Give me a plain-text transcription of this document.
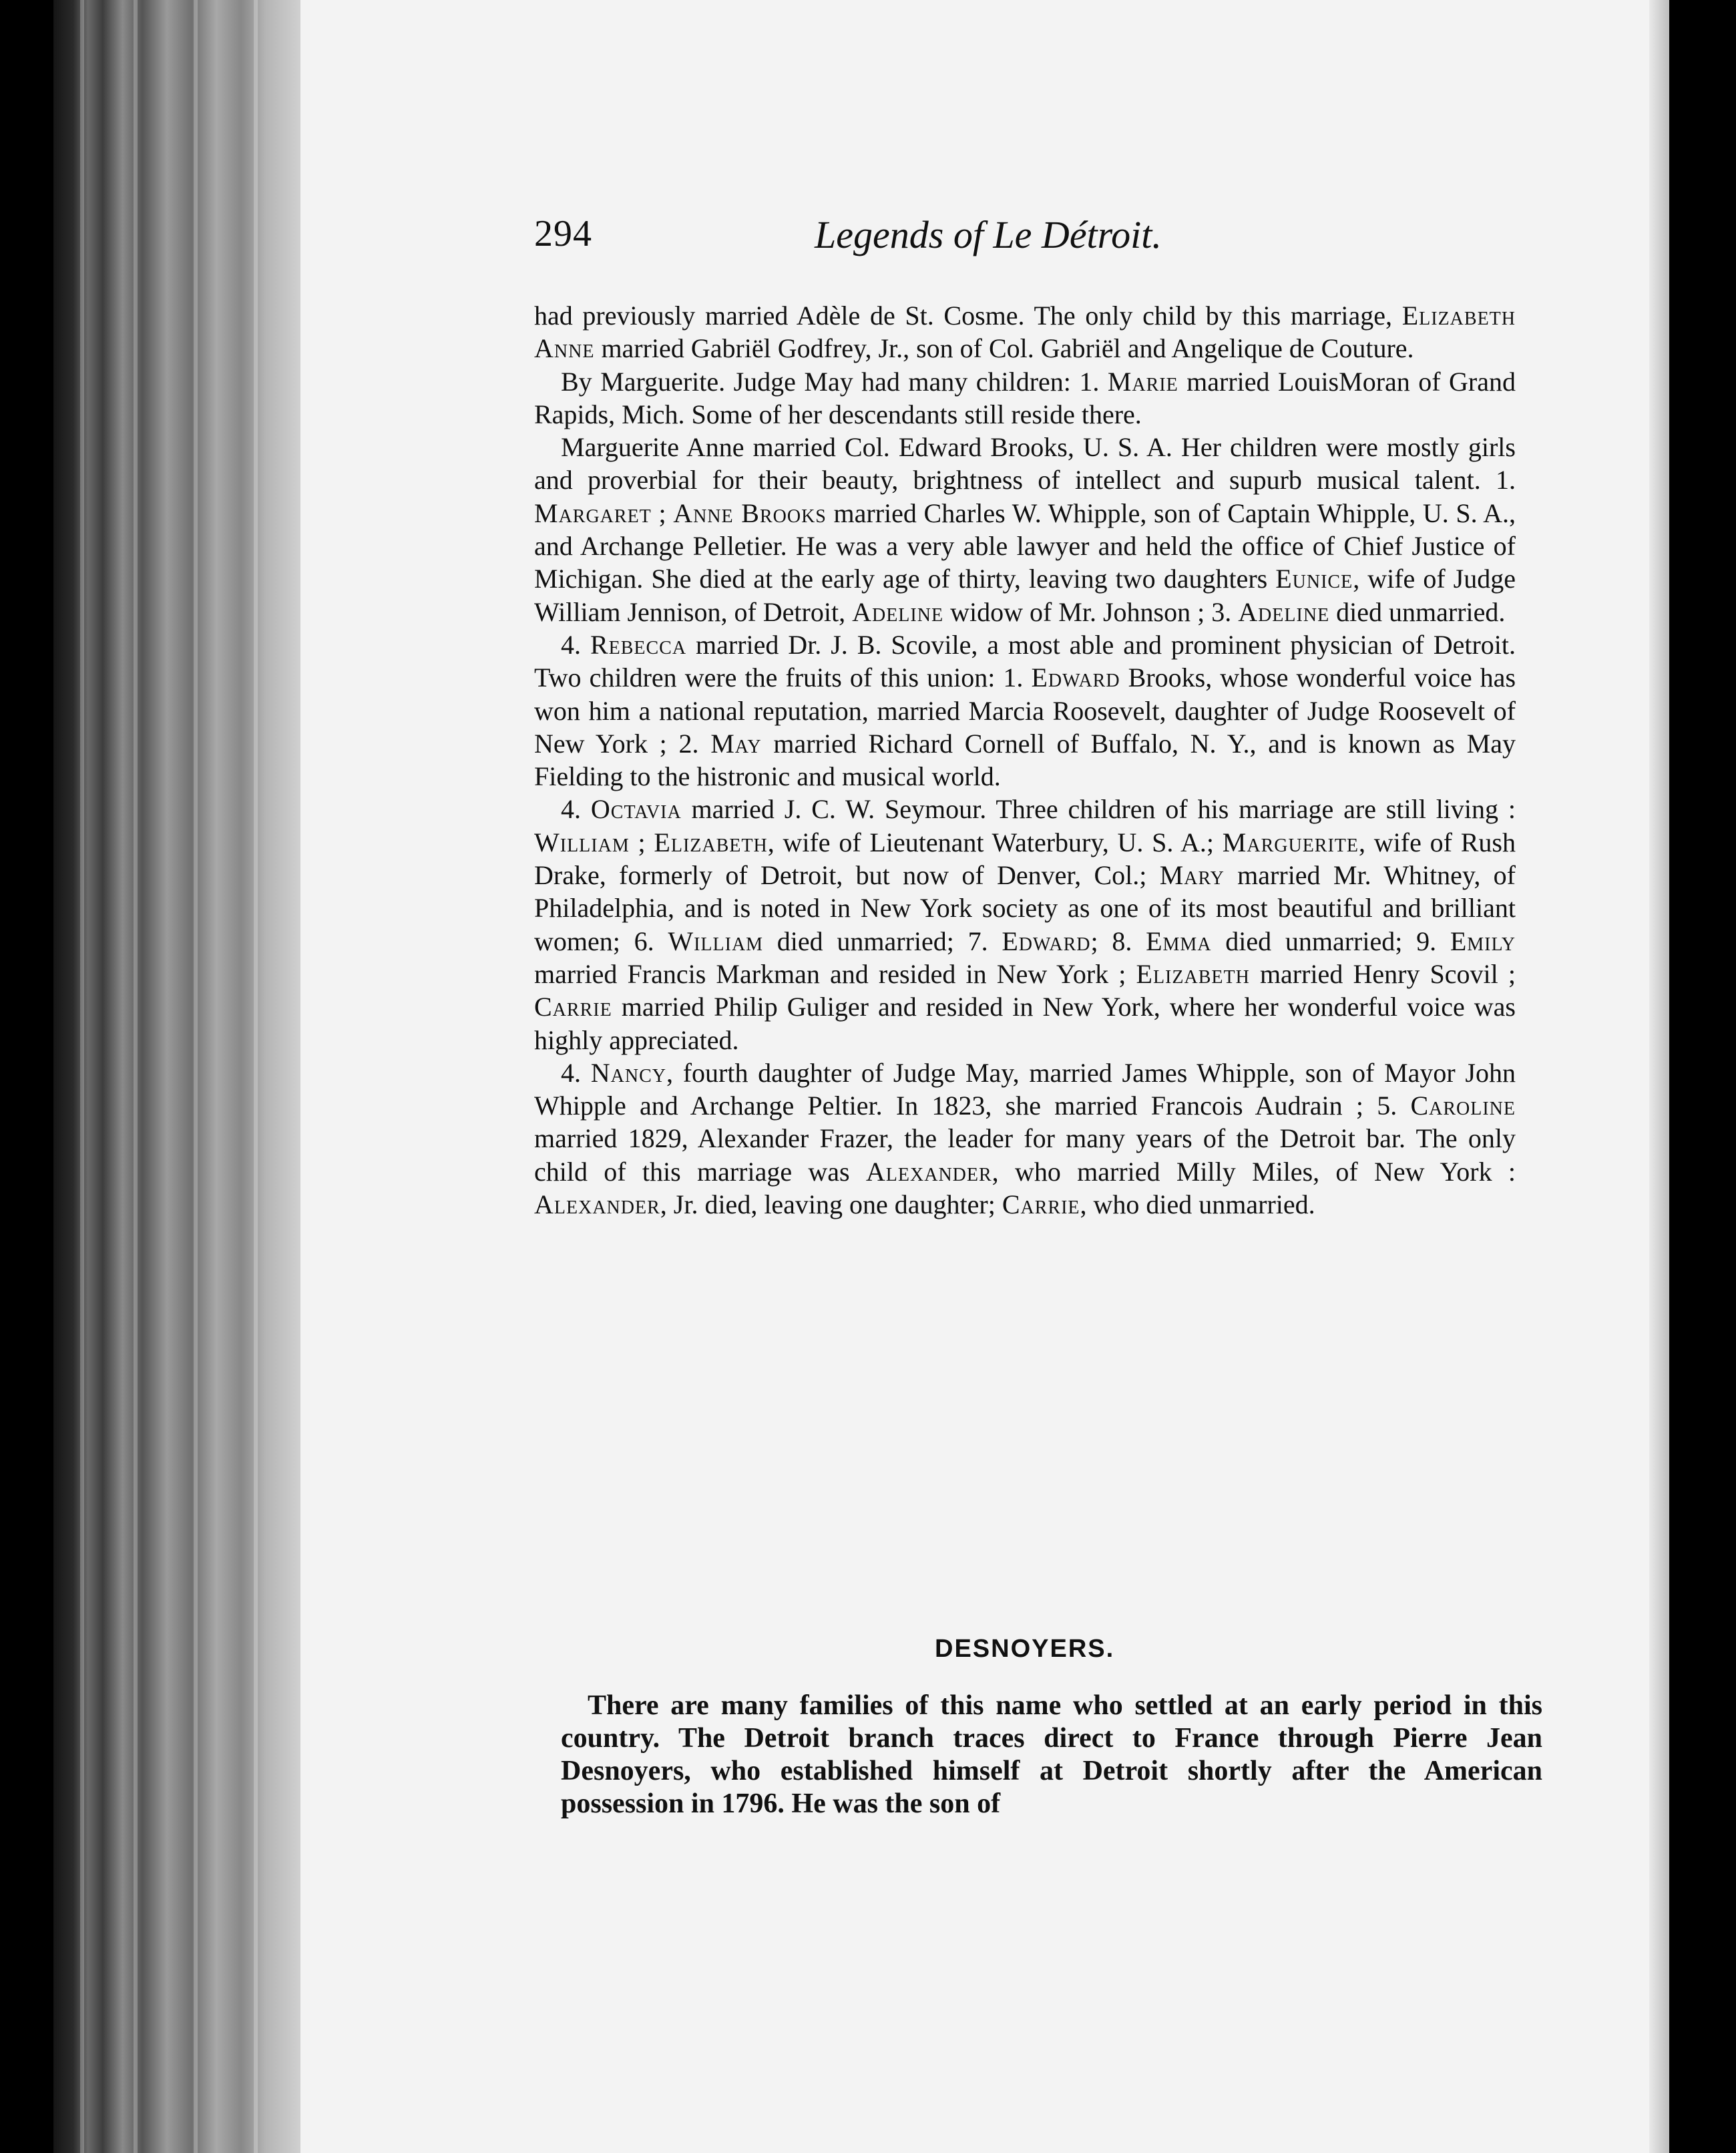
294	Legends of Le Détroit.

had previously married Adèle de St. Cosme. The only child by this marriage, Elizabeth Anne married Gabriël Godfrey, Jr., son of Col. Gabriël and Angelique de Couture.

By Marguerite. Judge May had many children: 1. Marie married LouisMoran of Grand Rapids, Mich. Some of her descendants still reside there.

Marguerite Anne married Col. Edward Brooks, U. S. A. Her children were mostly girls and proverbial for their beauty, brightness of intellect and supurb musical talent. 1. Margaret ; Anne Brooks married Charles W. Whipple, son of Captain Whipple, U. S. A., and Archange Pelletier. He was a very able lawyer and held the office of Chief Justice of Michigan. She died at the early age of thirty, leaving two daughters Eunice, wife of Judge William Jennison, of Detroit, Adeline widow of Mr. Johnson ; 3. Adeline died unmarried.

4. Rebecca married Dr. J. B. Scovile, a most able and prominent physician of Detroit. Two children were the fruits of this union: 1. Edward Brooks, whose wonderful voice has won him a national reputation, married Marcia Roosevelt, daughter of Judge Roosevelt of New York ; 2. May married Richard Cornell of Buffalo, N. Y., and is known as May Fielding to the histronic and musical world.

4. Octavia married J. C. W. Seymour. Three children of his marriage are still living : William ; Elizabeth, wife of Lieutenant Waterbury, U. S. A.; Marguerite, wife of Rush Drake, formerly of Detroit, but now of Denver, Col.; Mary married Mr. Whitney, of Philadelphia, and is noted in New York society as one of its most beautiful and brilliant women; 6. William died unmarried; 7. Edward; 8. Emma died unmarried; 9. Emily married Francis Markman and resided in New York ; Elizabeth married Henry Scovil ; Carrie married Philip Guliger and resided in New York, where her wonderful voice was highly appreciated.

4. Nancy, fourth daughter of Judge May, married James Whipple, son of Mayor John Whipple and Archange Peltier. In 1823, she married Francois Audrain ; 5. Caroline married 1829, Alexander Frazer, the leader for many years of the Detroit bar. The only child of this marriage was Alexander, who married Milly Miles, of New York : Alexander, Jr. died, leaving one daughter; Carrie, who died unmarried.

DESNOYERS.

There are many families of this name who settled at an early period in this country. The Detroit branch traces direct to France through Pierre Jean Desnoyers, who established himself at Detroit shortly after the American possession in 1796. He was the son of
